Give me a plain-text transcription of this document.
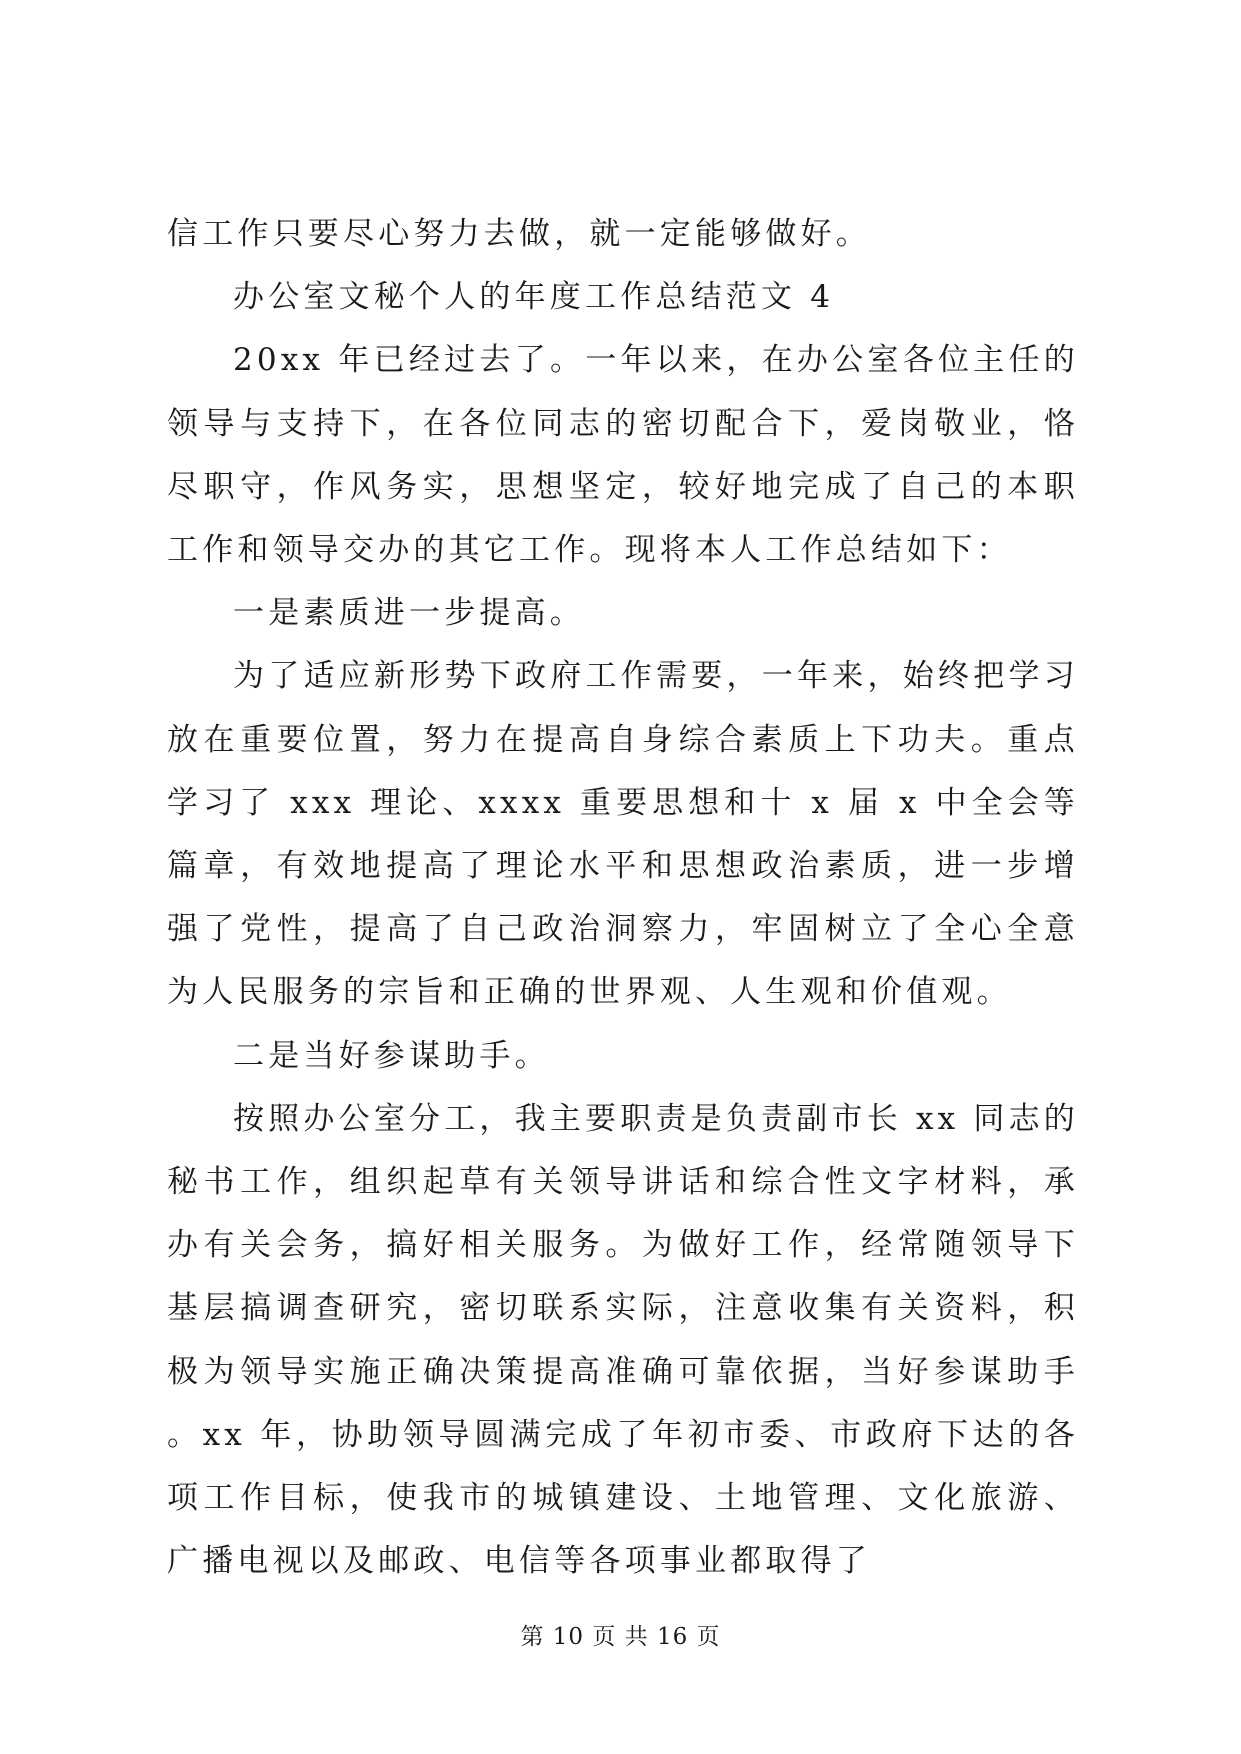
信工作只要尽心努力去做，就一定能够做好。

办公室文秘个人的年度工作总结范文 4

20xx 年已经过去了。一年以来，在办公室各位主任的领导与支持下，在各位同志的密切配合下，爱岗敬业，恪尽职守，作风务实，思想坚定，较好地完成了自己的本职工作和领导交办的其它工作。现将本人工作总结如下：

一是素质进一步提高。

为了适应新形势下政府工作需要，一年来，始终把学习放在重要位置，努力在提高自身综合素质上下功夫。重点学习了 xxx 理论、xxxx 重要思想和十 x 届 x 中全会等篇章，有效地提高了理论水平和思想政治素质，进一步增强了党性，提高了自己政治洞察力，牢固树立了全心全意为人民服务的宗旨和正确的世界观、人生观和价值观。

二是当好参谋助手。

按照办公室分工，我主要职责是负责副市长 xx 同志的秘书工作，组织起草有关领导讲话和综合性文字材料，承办有关会务，搞好相关服务。为做好工作，经常随领导下基层搞调查研究，密切联系实际，注意收集有关资料，积极为领导实施正确决策提高准确可靠依据，当好参谋助手。xx 年，协助领导圆满完成了年初市委、市政府下达的各项工作目标，使我市的城镇建设、土地管理、文化旅游、广播电视以及邮政、电信等各项事业都取得了

第 10 页 共 16 页
